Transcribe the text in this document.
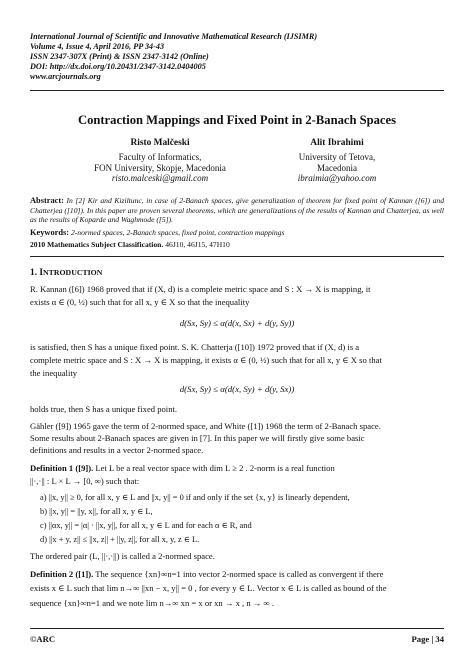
International Journal of Scientific and Innovative Mathematical Research (IJSIMR)
Volume 4, Issue 4, April 2016, PP 34-43
ISSN 2347-307X (Print) & ISSN 2347-3142 (Online)
DOI: http://dx.doi.org/10.20431/2347-3142.0404005
www.arcjournals.org
Contraction Mappings and Fixed Point in 2-Banach Spaces
Risto Malčeski
Faculty of Informatics,
FON University, Skopje, Macedonia
risto.malceski@gmail.com
Alit Ibrahimi
University of Tetova,
Macedonia
ibraimia@yahoo.com
Abstract: In [2] Kir and Kiziltunc, in case of 2-Banach spaces, give generalization of theorem for fixed point of Kannan ([6]) and Chatterjea ([10]). In this paper are proven several theorems, which are generalizations of the results of Kannan and Chatterjea, as well as the results of Koparde and Waghmode ([5]).
Keywords: 2-normed spaces, 2-Banach spaces, fixed point, contraction mappings
2010 Mathematics Subject Classification. 46J10, 46J15, 47H10
1. INTRODUCTION
R. Kannan ([6]) 1968 proved that if (X, d) is a complete metric space and S : X → X is mapping, it
exists α ∈ (0, ½) such that for all x, y ∈ X so that the inequality
d(Sx, Sy) ≤ α(d(x, Sx) + d(y, Sy))
is satisfied, then S has a unique fixed point. S. K. Chatterja ([10]) 1972 proved that if (X, d) is a
complete metric space and S : X → X is mapping, it exists α ∈ (0, ½) such that for all x, y ∈ X so that
the inequality
d(Sx, Sy) ≤ α(d(x, Sy) + d(y, Sx))
holds true, then S has a unique fixed point.
Gähler ([9]) 1965 gave the term of 2-normed space, and White ([1]) 1968 the term of 2-Banach space.
Some results about 2-Banach spaces are given in [7]. In this paper we will firstly give some basic
definitions and results in a vector 2-normed space.
Definition 1 ([9]). Let L be a real vector space with dim L ≥ 2 . 2-norm is a real function
||·,·|| : L × L → [0, ∞) such that:
a) ||x, y|| ≥ 0, for all x, y ∈ L and ||x, y|| = 0 if and only if the set {x, y} is linearly dependent,
b) ||x, y|| = ||y, x||, for all x, y ∈ L,
c) ||αx, y|| = |α| · ||x, y||, for all x, y ∈ L and for each α ∈ R, and
d) ||x + y, z|| ≤ ||x, z|| + ||y, z||, for all x, y, z ∈ L.
The ordered pair (L, ||·,·||) is called a 2-normed space.
Definition 2 ([1]). The sequence {xn}∞n=1 into vector 2-normed space is called as convergent if there
exists x ∈ L such that lim n→∞ ||xn − x, y|| = 0 , for every y ∈ L. Vector x ∈ L is called as bound of the
sequence {xn}∞n=1 and we note lim n→∞ xn = x or xn → x , n → ∞ .
©ARC	Page | 34
